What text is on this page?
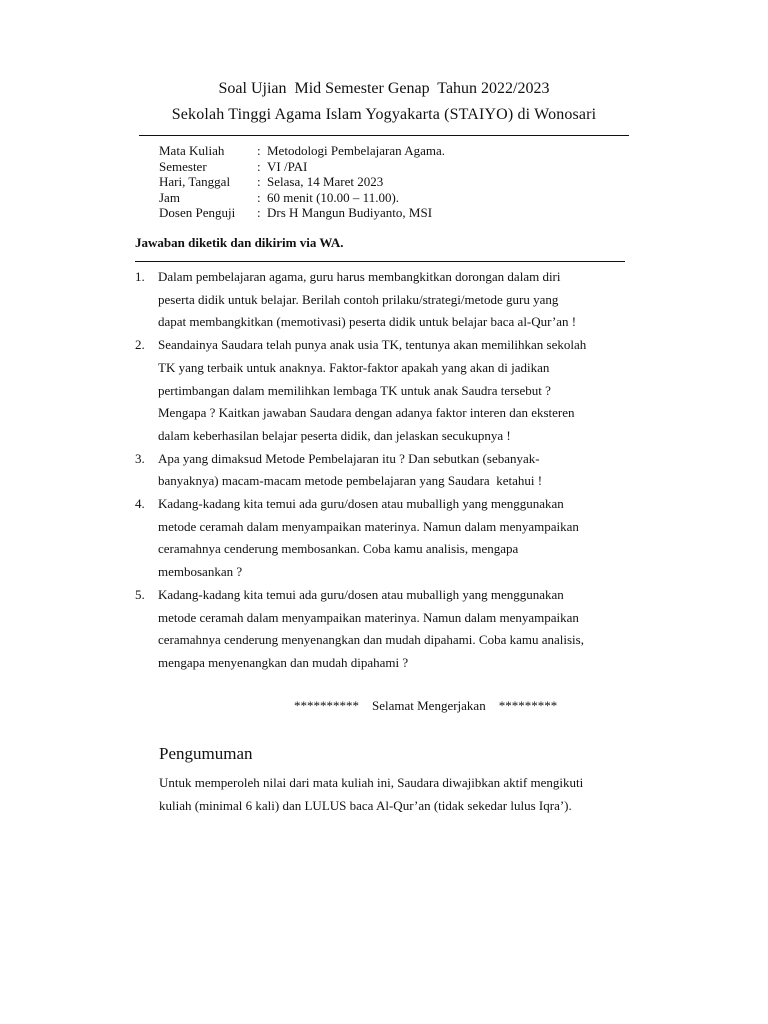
Soal Ujian  Mid Semester Genap  Tahun 2022/2023
Sekolah Tinggi Agama Islam Yogyakarta (STAIYO) di Wonosari
Mata Kuliah	: Metodologi Pembelajaran Agama.
Semester	: VI /PAI
Hari, Tanggal	: Selasa, 14 Maret 2023
Jam	: 60 menit (10.00 – 11.00).
Dosen Penguji	: Drs H Mangun Budiyanto, MSI
Jawaban diketik dan dikirim via WA.
1.	Dalam pembelajaran agama, guru harus membangkitkan dorongan dalam diri
peserta didik untuk belajar. Berilah contoh prilaku/strategi/metode guru yang
dapat membangkitkan (memotivasi) peserta didik untuk belajar baca al-Qur’an !
2.	Seandainya Saudara telah punya anak usia TK, tentunya akan memilihkan sekolah
TK yang terbaik untuk anaknya. Faktor-faktor apakah yang akan di jadikan
pertimbangan dalam memilihkan lembaga TK untuk anak Saudra tersebut ?
Mengapa ? Kaitkan jawaban Saudara dengan adanya faktor interen dan eksteren
dalam keberhasilan belajar peserta didik, dan jelaskan secukupnya !
3.	Apa yang dimaksud Metode Pembelajaran itu ? Dan sebutkan (sebanyak-
banyaknya) macam-macam metode pembelajaran yang Saudara  ketahui !
4.	Kadang-kadang kita temui ada guru/dosen atau muballigh yang menggunakan
metode ceramah dalam menyampaikan materinya. Namun dalam menyampaikan
ceramahnya cenderung membosankan. Coba kamu analisis, mengapa
membosankan ?
5.	Kadang-kadang kita temui ada guru/dosen atau muballigh yang menggunakan
metode ceramah dalam menyampaikan materinya. Namun dalam menyampaikan
ceramahnya cenderung menyenangkan dan mudah dipahami. Coba kamu analisis,
mengapa menyenangkan dan mudah dipahami ?
**********    Selamat Mengerjakan    *********
Pengumuman
Untuk memperoleh nilai dari mata kuliah ini, Saudara diwajibkan aktif mengikuti
kuliah (minimal 6 kali) dan LULUS baca Al-Qur’an (tidak sekedar lulus Iqra’).
